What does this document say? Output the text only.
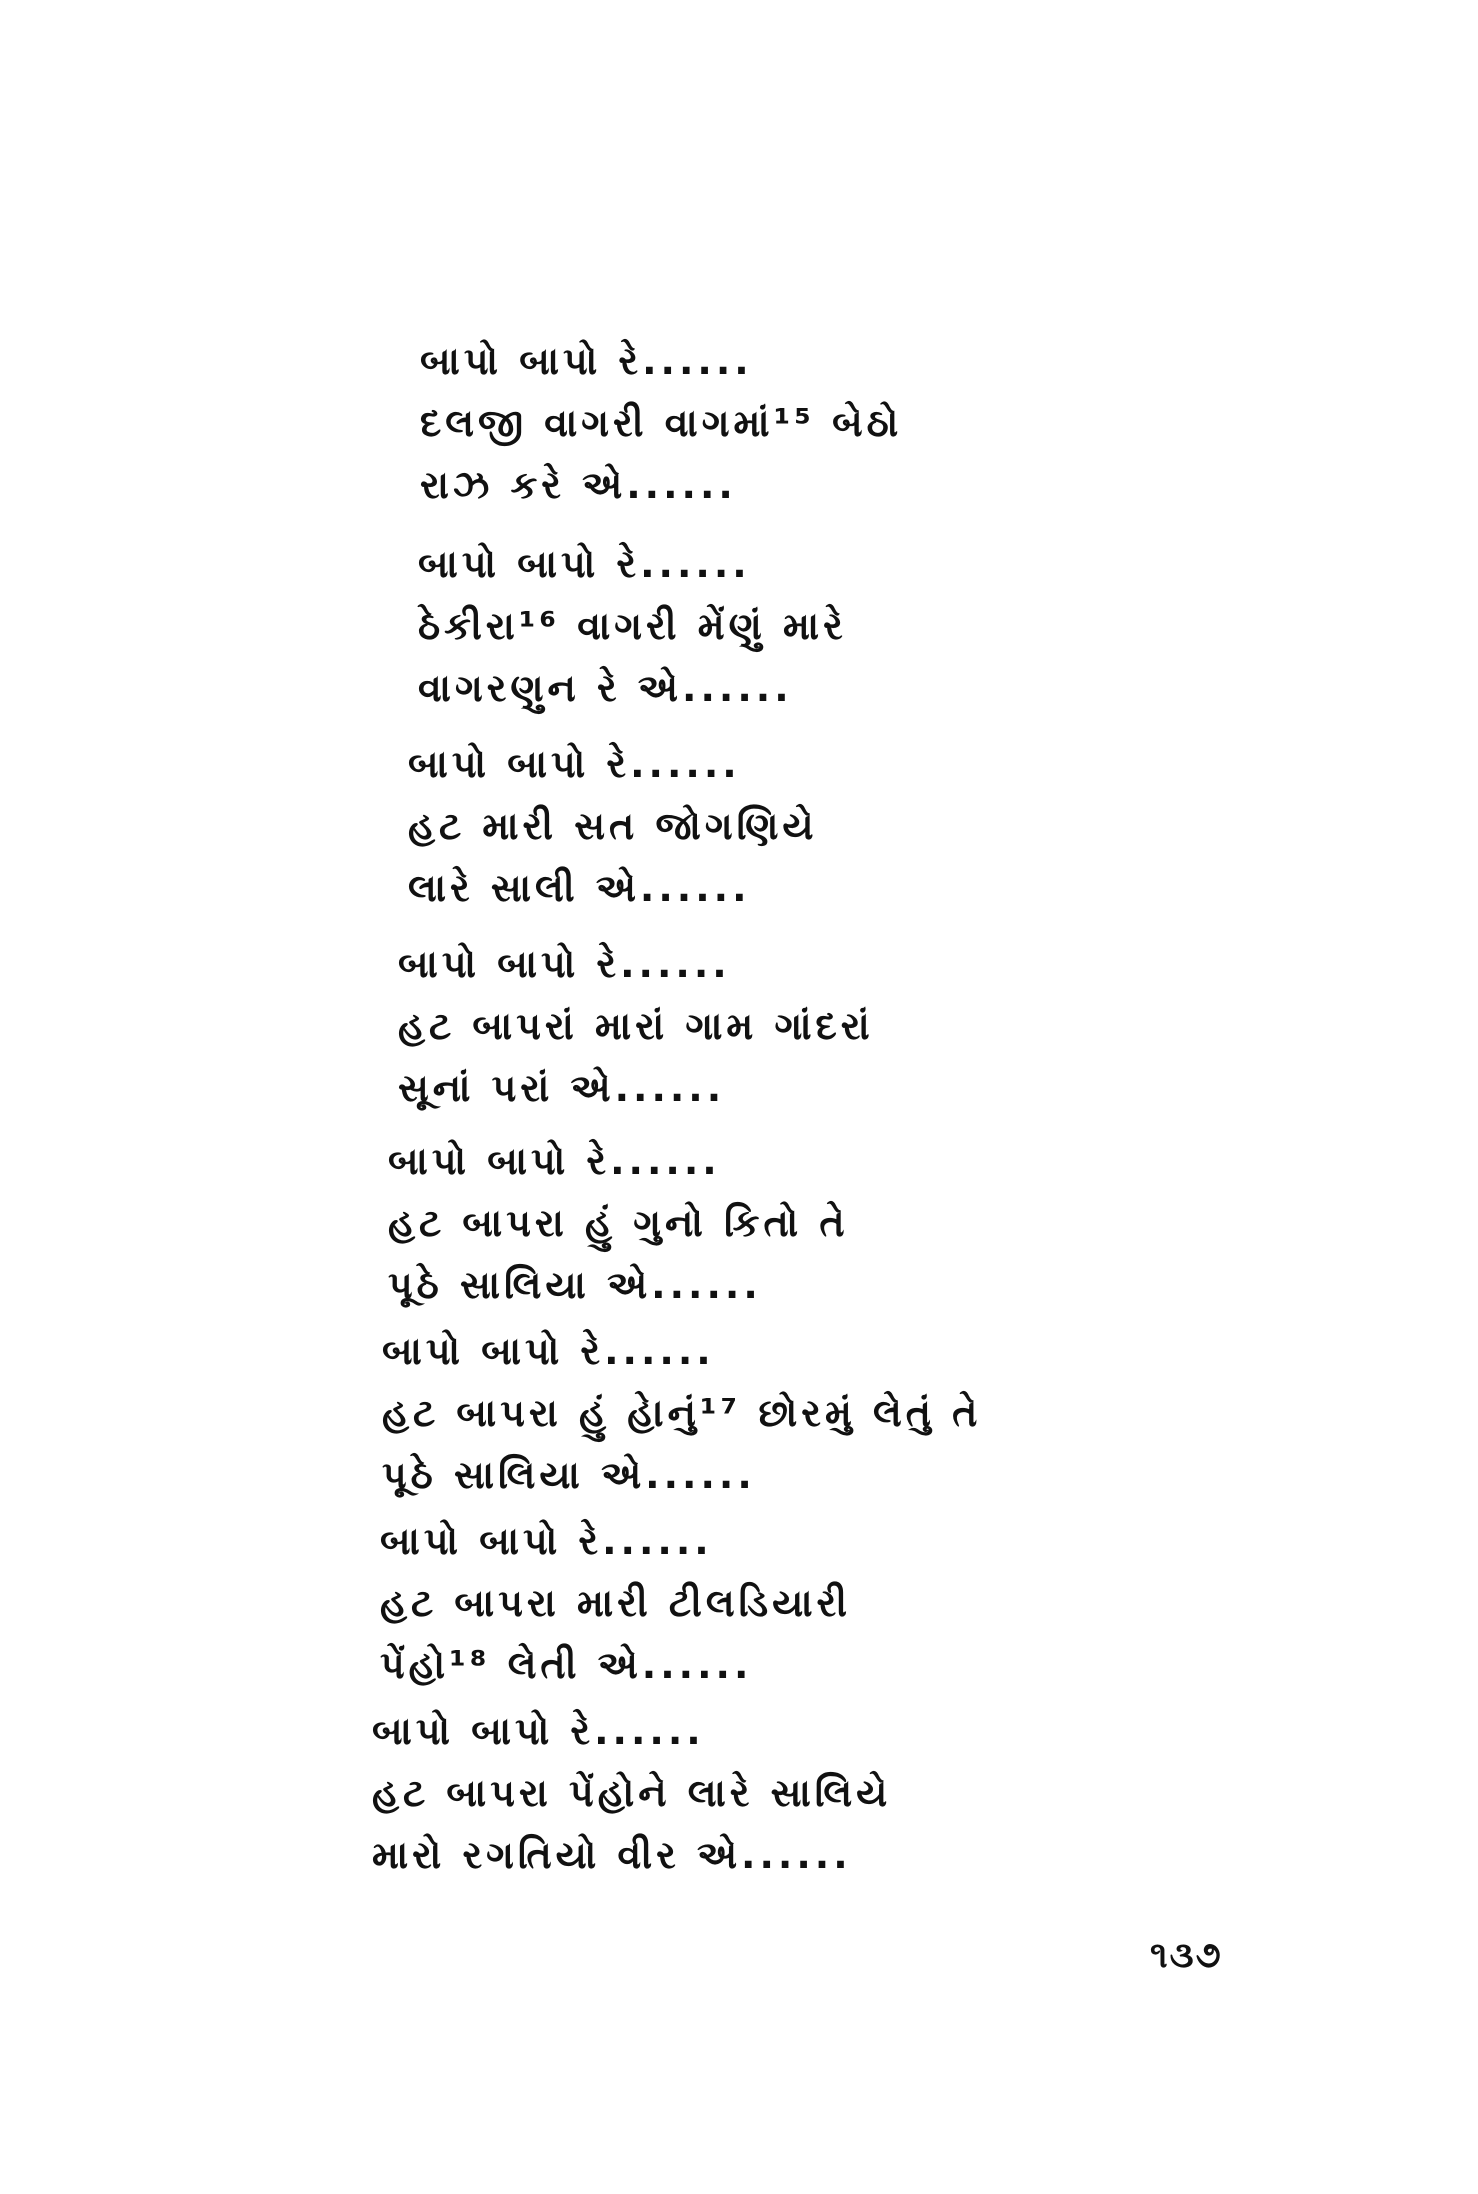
બાપો બાપો રે......
દલજી વાગરી વાગમાં¹⁵ બેઠો
રાઝ કરે એ......
બાપો બાપો રે......
ઠેકીરા¹⁶ વાગરી મેંણું મારે
વાગરણુન રે એ......
બાપો બાપો રે......
હટ મારી સત જોગણિયે
લારે સાલી એ......
બાપો બાપો રે......
હટ બાપરાં મારાં ગામ ગાંદરાં
સૂનાં પરાં એ......
બાપો બાપો રે......
હટ બાપરા હું ગુનો કિતો તે
પૂઠે સાલિયા એ......
બાપો બાપો રે......
હટ બાપરા હું હેાનું¹⁷ છોરમું લેતું તે
પૂઠે સાલિયા એ......
બાપો બાપો રે......
હટ બાપરા મારી ટીલડિયારી
પેંહો¹⁸ લેતી એ......
બાપો બાપો રે......
હટ બાપરા પેંહોને લારે સાલિયે
મારો રગતિયો વીર એ......
૧૩૭
